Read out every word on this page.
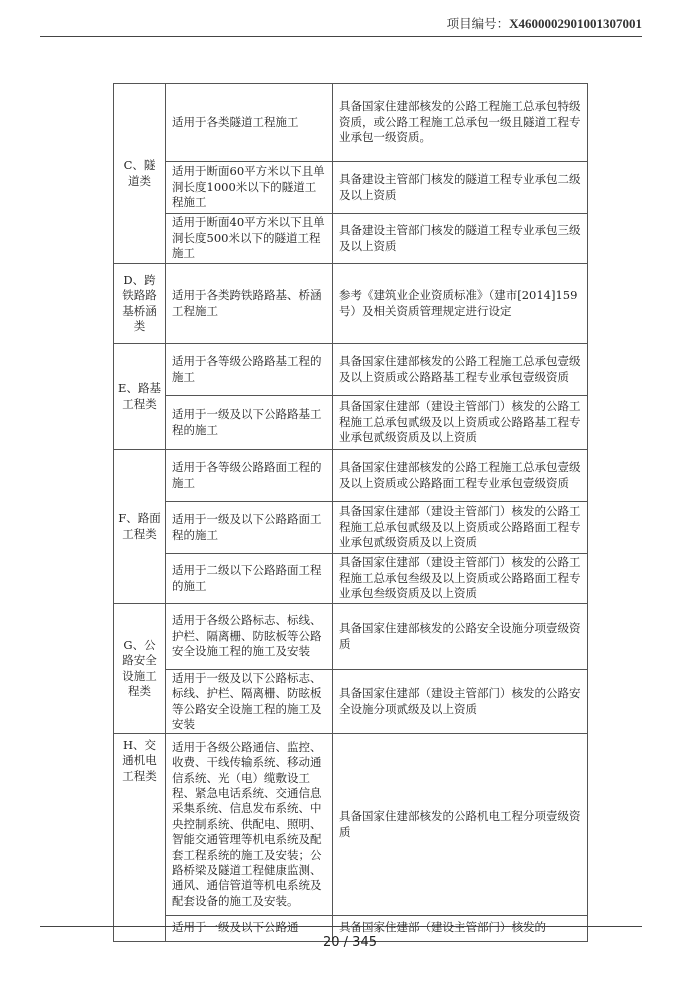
项目编号：X4600002901001307001
C、隧道类	适用于各类隧道工程施工	具备国家住建部核发的公路工程施工总承包特级资质，或公路工程施工总承包一级且隧道工程专业承包一级资质。
	适用于断面60平方米以下且单洞长度1000米以下的隧道工程施工	具备建设主管部门核发的隧道工程专业承包二级及以上资质
	适用于断面40平方米以下且单洞长度500米以下的隧道工程施工	具备建设主管部门核发的隧道工程专业承包三级及以上资质
D、跨铁路路基桥涵类	适用于各类跨铁路路基、桥涵工程施工	参考《建筑业企业资质标准》（建市[2014]159号）及相关资质管理规定进行设定
E、路基工程类	适用于各等级公路路基工程的施工	具备国家住建部核发的公路工程施工总承包壹级及以上资质或公路路基工程专业承包壹级资质
	适用于一级及以下公路路基工程的施工	具备国家住建部（建设主管部门）核发的公路工程施工总承包贰级及以上资质或公路路基工程专业承包贰级资质及以上资质
F、路面工程类	适用于各等级公路路面工程的施工	具备国家住建部核发的公路工程施工总承包壹级及以上资质或公路路面工程专业承包壹级资质
	适用于一级及以下公路路面工程的施工	具备国家住建部（建设主管部门）核发的公路工程施工总承包贰级及以上资质或公路路面工程专业承包贰级资质及以上资质
	适用于二级以下公路路面工程的施工	具备国家住建部（建设主管部门）核发的公路工程施工总承包叁级及以上资质或公路路面工程专业承包叁级资质及以上资质
G、公路安全设施工程类	适用于各级公路标志、标线、护栏、隔离栅、防眩板等公路安全设施工程的施工及安装	具备国家住建部核发的公路安全设施分项壹级资质
	适用于一级及以下公路标志、标线、护栏、隔离栅、防眩板等公路安全设施工程的施工及安装	具备国家住建部（建设主管部门）核发的公路安全设施分项贰级及以上资质
H、交通机电工程类	适用于各级公路通信、监控、收费、干线传输系统、移动通信系统、光（电）缆敷设工程、紧急电话系统、交通信息采集系统、信息发布系统、中央控制系统、供配电、照明、智能交通管理等机电系统及配套工程系统的施工及安装；公路桥梁及隧道工程健康监测、通风、通信管道等机电系统及配套设备的施工及安装。	具备国家住建部核发的公路机电工程分项壹级资质
	适用于一级及以下公路通	具备国家住建部（建设主管部门）核发的
20 / 345
